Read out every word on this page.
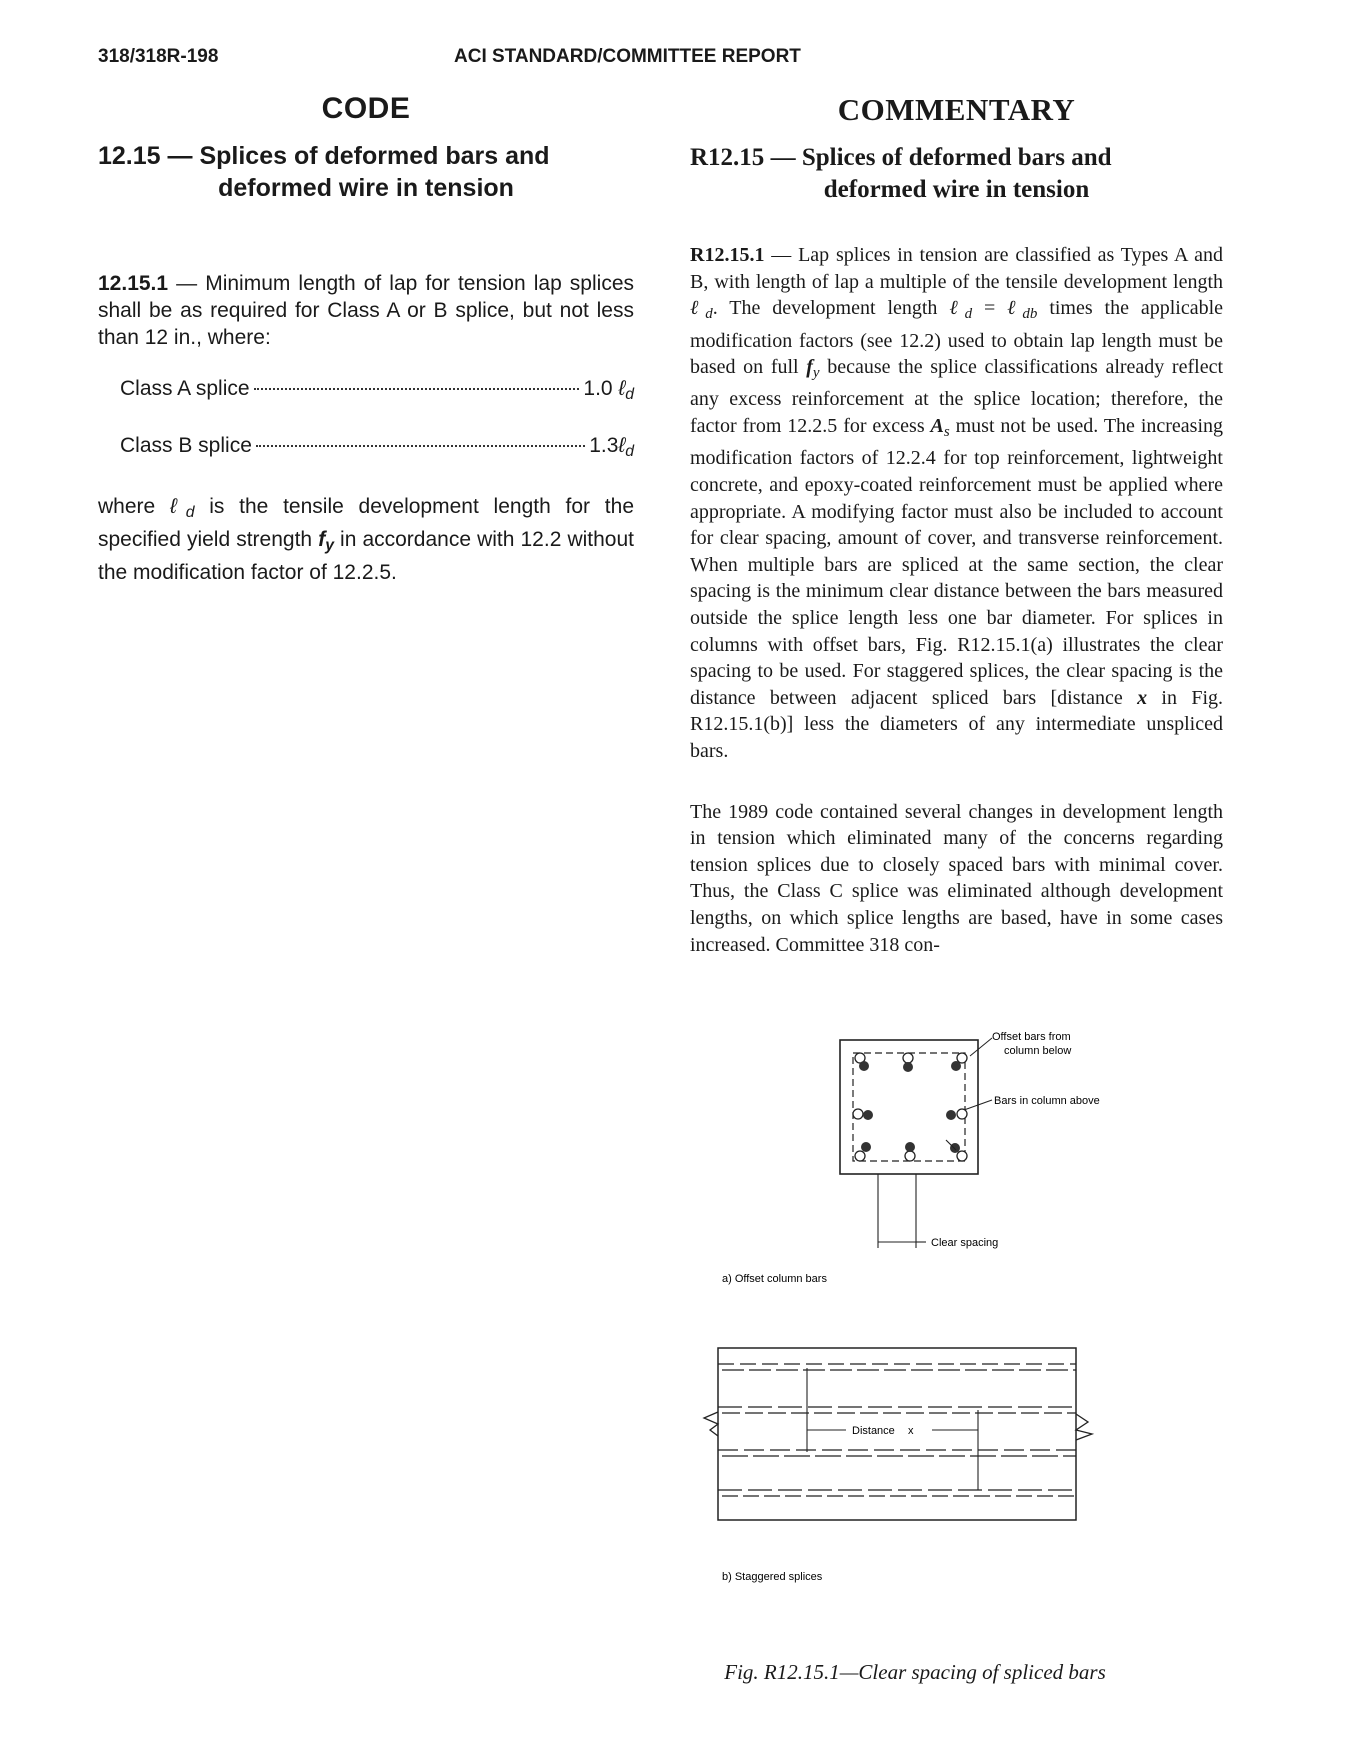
318/318R-198	ACI STANDARD/COMMITTEE REPORT
CODE
12.15 — Splices of deformed bars and
deformed wire in tension

12.15.1 — Minimum length of lap for tension lap splices shall be as required for Class A or B splice, but not less than 12 in., where:

Class A splice	1.0 ℓ$_d$
Class B splice	1.3ℓ$_d$

where ℓ$_d$ is the tensile development length for the specified yield strength $f_y$ in accordance with 12.2 without the modification factor of 12.2.5.

COMMENTARY
R12.15 — Splices of deformed bars and
deformed wire in tension

R12.15.1 — Lap splices in tension are classified as Types A and B, with length of lap a multiple of the tensile development length ℓ$_d$. The development length ℓ$_d$ = ℓ$_{db}$ times the applicable modification factors (see 12.2) used to obtain lap length must be based on full $f_y$ because the splice classifications already reflect any excess reinforcement at the splice location; therefore, the factor from 12.2.5 for excess $A_s$ must not be used. The increasing modification factors of 12.2.4 for top reinforcement, lightweight concrete, and epoxy-coated reinforcement must be applied where appropriate. A modifying factor must also be included to account for clear spacing, amount of cover, and transverse reinforcement. When multiple bars are spliced at the same section, the clear spacing is the minimum clear distance between the bars measured outside the splice length less one bar diameter. For splices in columns with offset bars, Fig. R12.15.1(a) illustrates the clear spacing to be used. For staggered splices, the clear spacing is the distance between adjacent spliced bars [distance x in Fig. R12.15.1(b)] less the diameters of any intermediate unspliced bars.

The 1989 code contained several changes in development length in tension which eliminated many of the concerns regarding tension splices due to closely spaced bars with minimal cover. Thus, the Class C splice was eliminated although development lengths, on which splice lengths are based, have in some cases increased. Committee 318 con-

Offset bars from
column below
Bars in column above
Clear spacing
a) Offset column bars
Distance x
b) Staggered splices
Fig. R12.15.1—Clear spacing of spliced bars
